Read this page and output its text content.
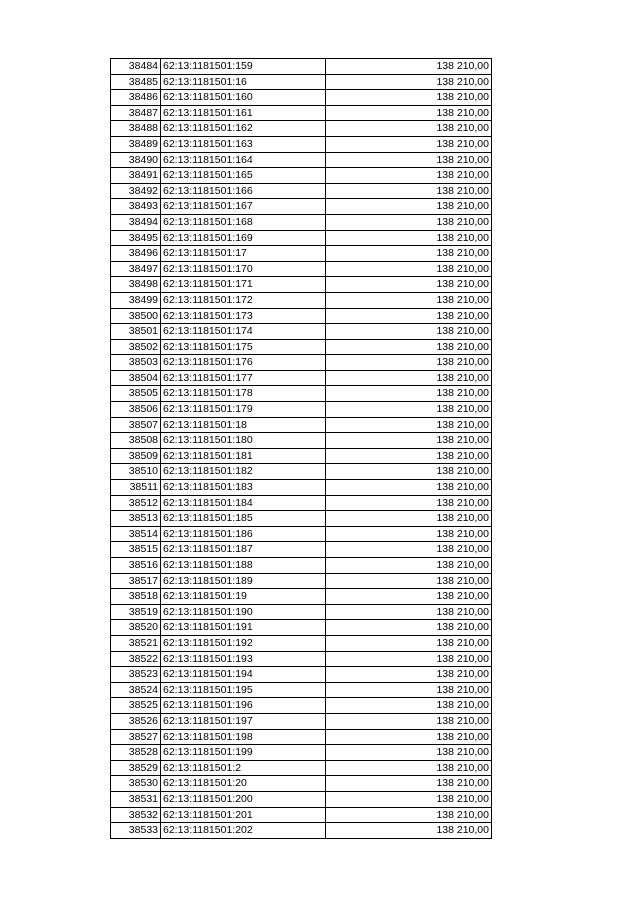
38484	62:13:1181501:159	138 210,00
38485	62:13:1181501:16	138 210,00
38486	62:13:1181501:160	138 210,00
38487	62:13:1181501:161	138 210,00
38488	62:13:1181501:162	138 210,00
38489	62:13:1181501:163	138 210,00
38490	62:13:1181501:164	138 210,00
38491	62:13:1181501:165	138 210,00
38492	62:13:1181501:166	138 210,00
38493	62:13:1181501:167	138 210,00
38494	62:13:1181501:168	138 210,00
38495	62:13:1181501:169	138 210,00
38496	62:13:1181501:17	138 210,00
38497	62:13:1181501:170	138 210,00
38498	62:13:1181501:171	138 210,00
38499	62:13:1181501:172	138 210,00
38500	62:13:1181501:173	138 210,00
38501	62:13:1181501:174	138 210,00
38502	62:13:1181501:175	138 210,00
38503	62:13:1181501:176	138 210,00
38504	62:13:1181501:177	138 210,00
38505	62:13:1181501:178	138 210,00
38506	62:13:1181501:179	138 210,00
38507	62:13:1181501:18	138 210,00
38508	62:13:1181501:180	138 210,00
38509	62:13:1181501:181	138 210,00
38510	62:13:1181501:182	138 210,00
38511	62:13:1181501:183	138 210,00
38512	62:13:1181501:184	138 210,00
38513	62:13:1181501:185	138 210,00
38514	62:13:1181501:186	138 210,00
38515	62:13:1181501:187	138 210,00
38516	62:13:1181501:188	138 210,00
38517	62:13:1181501:189	138 210,00
38518	62:13:1181501:19	138 210,00
38519	62:13:1181501:190	138 210,00
38520	62:13:1181501:191	138 210,00
38521	62:13:1181501:192	138 210,00
38522	62:13:1181501:193	138 210,00
38523	62:13:1181501:194	138 210,00
38524	62:13:1181501:195	138 210,00
38525	62:13:1181501:196	138 210,00
38526	62:13:1181501:197	138 210,00
38527	62:13:1181501:198	138 210,00
38528	62:13:1181501:199	138 210,00
38529	62:13:1181501:2	138 210,00
38530	62:13:1181501:20	138 210,00
38531	62:13:1181501:200	138 210,00
38532	62:13:1181501:201	138 210,00
38533	62:13:1181501:202	138 210,00
